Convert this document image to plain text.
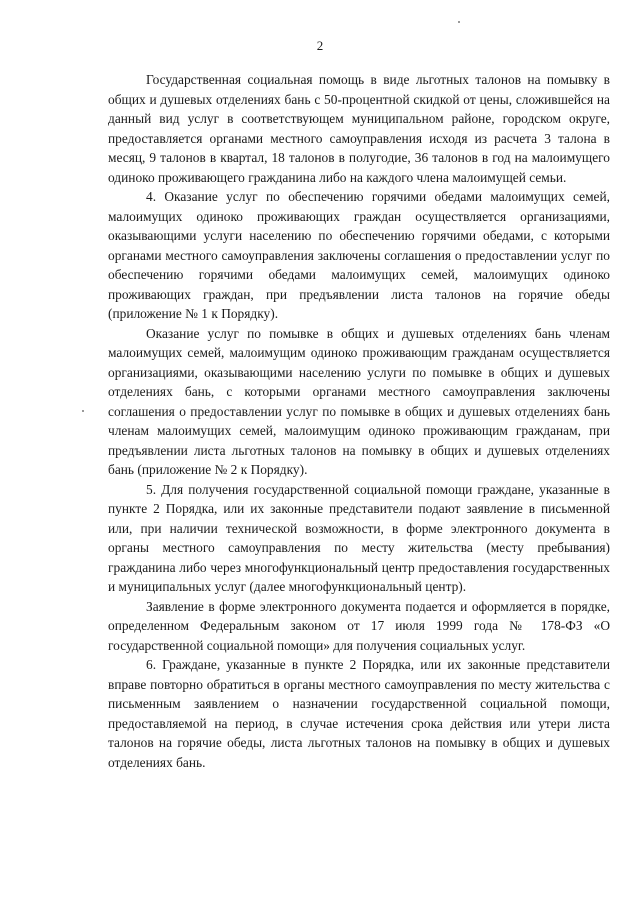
2

Государственная социальная помощь в виде льготных талонов на помывку в общих и душевых отделениях бань с 50-процентной скидкой от цены, сложившейся на данный вид услуг в соответствующем муниципальном районе, городском округе, предоставляется органами местного самоуправления исходя из расчета 3 талона в месяц, 9 талонов в квартал, 18 талонов в полугодие, 36 талонов в год на малоимущего одиноко проживающего гражданина либо на каждого члена малоимущей семьи.

4. Оказание услуг по обеспечению горячими обедами малоимущих семей, малоимущих одиноко проживающих граждан осуществляется организациями, оказывающими услуги населению по обеспечению горячими обедами, с которыми органами местного самоуправления заключены соглашения о предоставлении услуг по обеспечению горячими обедами малоимущих семей, малоимущих одиноко проживающих граждан, при предъявлении листа талонов на горячие обеды (приложение № 1 к Порядку).

Оказание услуг по помывке в общих и душевых отделениях бань членам малоимущих семей, малоимущим одиноко проживающим гражданам осуществляется организациями, оказывающими населению услуги по помывке в общих и душевых отделениях бань, с которыми органами местного самоуправления заключены соглашения о предоставлении услуг по помывке в общих и душевых отделениях бань членам малоимущих семей, малоимущим одиноко проживающим гражданам, при предъявлении листа льготных талонов на помывку в общих и душевых отделениях бань (приложение № 2 к Порядку).

5. Для получения государственной социальной помощи граждане, указанные в пункте 2 Порядка, или их законные представители подают заявление в письменной или, при наличии технической возможности, в форме электронного документа в органы местного самоуправления по месту жительства (месту пребывания) гражданина либо через многофункциональный центр предоставления государственных и муниципальных услуг (далее многофункциональный центр).

Заявление в форме электронного документа подается и оформляется в порядке, определенном Федеральным законом от 17 июля 1999 года № 178-ФЗ «О государственной социальной помощи» для получения социальных услуг.

6. Граждане, указанные в пункте 2 Порядка, или их законные представители вправе повторно обратиться в органы местного самоуправления по месту жительства с письменным заявлением о назначении государственной социальной помощи, предоставляемой на период, в случае истечения срока действия или утери листа талонов на горячие обеды, листа льготных талонов на помывку в общих и душевых отделениях бань.
